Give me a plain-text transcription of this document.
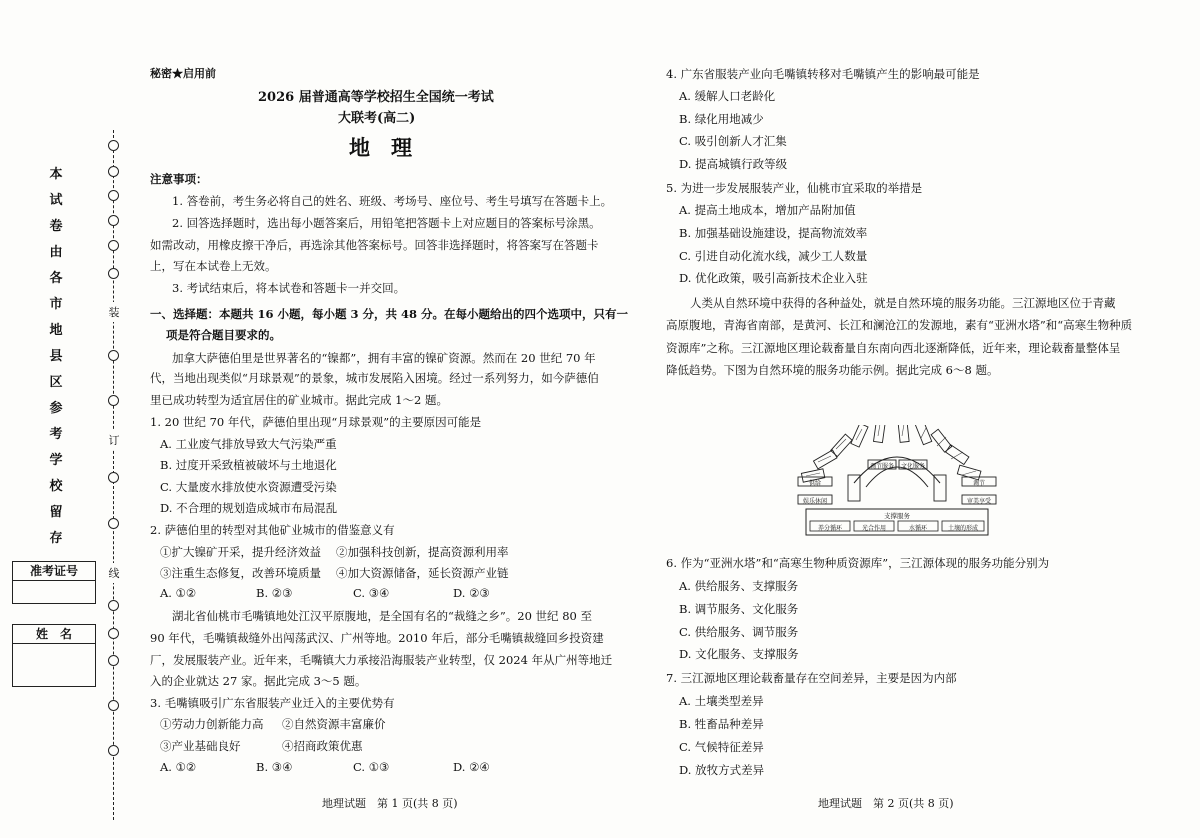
本
试
卷
由
各
市
地
县
区
参
考
学
校
留
存
装
订
线
准考证号
姓　名
秘密★启用前
2026 届普通高等学校招生全国统一考试
大联考(高二)
地　理
注意事项：
1. 答卷前，考生务必将自己的姓名、班级、考场号、座位号、考生号填写在答题卡上。
2. 回答选择题时，选出每小题答案后，用铅笔把答题卡上对应题目的答案标号涂黑。
如需改动，用橡皮擦干净后，再选涂其他答案标号。回答非选择题时，将答案写在答题卡
上，写在本试卷上无效。
3. 考试结束后，将本试卷和答题卡一并交回。
一、选择题：本题共 16 小题，每小题 3 分，共 48 分。在每小题给出的四个选项中，只有一
项是符合题目要求的。
加拿大萨德伯里是世界著名的“镍都”，拥有丰富的镍矿资源。然而在 20 世纪 70 年
代，当地出现类似“月球景观”的景象，城市发展陷入困境。经过一系列努力，如今萨德伯
里已成功转型为适宜居住的矿业城市。据此完成 1～2 题。
1. 20 世纪 70 年代，萨德伯里出现“月球景观”的主要原因可能是
A. 工业废气排放导致大气污染严重
B. 过度开采致植被破坏与土地退化
C. 大量废水排放使水资源遭受污染
D. 不合理的规划造成城市布局混乱
2. 萨德伯里的转型对其他矿业城市的借鉴意义有
①扩大镍矿开采，提升经济效益 ②加强科技创新，提高资源利用率
③注重生态修复，改善环境质量 ④加大资源储备，延长资源产业链
A. ①②	B. ②③	C. ③④	D. ②③
湖北省仙桃市毛嘴镇地处江汉平原腹地，是全国有名的“裁缝之乡”。20 世纪 80 至
90 年代，毛嘴镇裁缝外出闯荡武汉、广州等地。2010 年后，部分毛嘴镇裁缝回乡投资建
厂，发展服装产业。近年来，毛嘴镇大力承接沿海服装产业转型，仅 2024 年从广州等地迁
入的企业就达 27 家。据此完成 3～5 题。
3. 毛嘴镇吸引广东省服装产业迁入的主要优势有
①劳动力创新能力高 ②自然资源丰富廉价
③产业基础良好	④招商政策优惠
A. ①②	B. ③④	C. ①③	D. ②④
地理试题　第 1 页(共 8 页)
4. 广东省服装产业向毛嘴镇转移对毛嘴镇产生的影响最可能是
A. 缓解人口老龄化
B. 绿化用地减少
C. 吸引创新人才汇集
D. 提高城镇行政等级
5. 为进一步发展服装产业，仙桃市宜采取的举措是
A. 提高土地成本，增加产品附加值
B. 加强基础设施建设，提高物流效率
C. 引进自动化流水线，减少工人数量
D. 优化政策，吸引高新技术企业入驻
人类从自然环境中获得的各种益处，就是自然环境的服务功能。三江源地区位于青藏
高原腹地，青海省南部，是黄河、长江和澜沧江的发源地，素有“亚洲水塔”和“高寒生物种质
资源库”之称。三江源地区理论载畜量自东南向西北逐渐降低，近年来，理论载畜量整体呈
降低趋势。下图为自然环境的服务功能示例。据此完成 6～8 题。
供给
娱乐休闲
调节
审美享受
调节服务 文化服务
支撑服务
养分循环	光合作用	水循环	土壤的形成
6. 作为“亚洲水塔”和“高寒生物种质资源库”，三江源体现的服务功能分别为
A. 供给服务、支撑服务
B. 调节服务、文化服务
C. 供给服务、调节服务
D. 文化服务、支撑服务
7. 三江源地区理论载畜量存在空间差异，主要是因为内部
A. 土壤类型差异
B. 牲畜品种差异
C. 气候特征差异
D. 放牧方式差异
地理试题　第 2 页(共 8 页)
